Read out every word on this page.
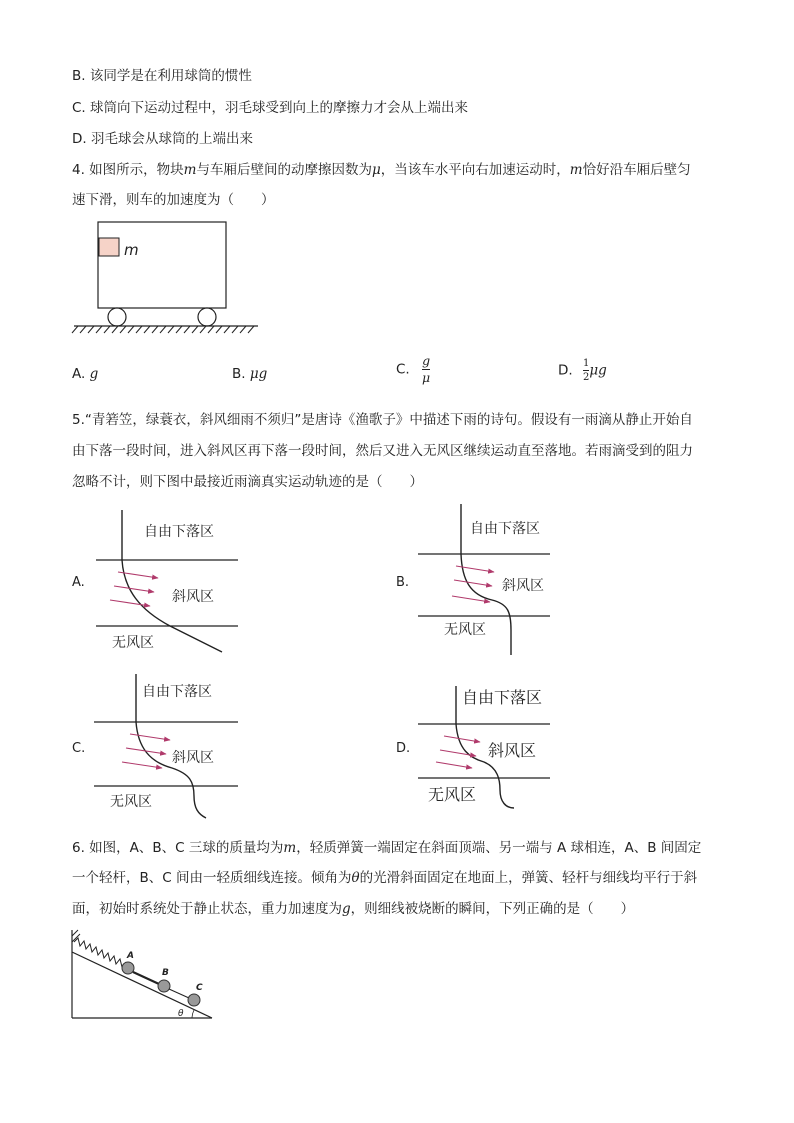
B. 该同学是在利用球筒的惯性
C. 球筒向下运动过程中，羽毛球受到向上的摩擦力才会从上端出来
D. 羽毛球会从球筒的上端出来
4. 如图所示，物块m与车厢后壁间的动摩擦因数为μ，当该车水平向右加速运动时，m恰好沿车厢后壁匀
速下滑，则车的加速度为（　　）
m
A. g	B. μg	C. $\frac{g}{\mu}$	D. $\frac{1}{2}$ μg
5.“青箬笠，绿蓑衣，斜风细雨不须归”是唐诗《渔歌子》中描述下雨的诗句。假设有一雨滴从静止开始自
由下落一段时间，进入斜风区再下落一段时间，然后又进入无风区继续运动直至落地。若雨滴受到的阻力
忽略不计，则下图中最接近雨滴真实运动轨迹的是（　　）
A.
自由下落区
斜风区
无风区
B.
自由下落区
斜风区
无风区
C.
自由下落区
斜风区
无风区
D.
自由下落区
斜风区
无风区
6. 如图，A、B、C 三球的质量均为m，轻质弹簧一端固定在斜面顶端、另一端与 A 球相连，A、B 间固定
一个轻杆，B、C 间由一轻质细线连接。倾角为θ的光滑斜面固定在地面上，弹簧、轻杆与细线均平行于斜
面，初始时系统处于静止状态，重力加速度为g，则细线被烧断的瞬间，下列正确的是（　　）
A
B
C
θ
